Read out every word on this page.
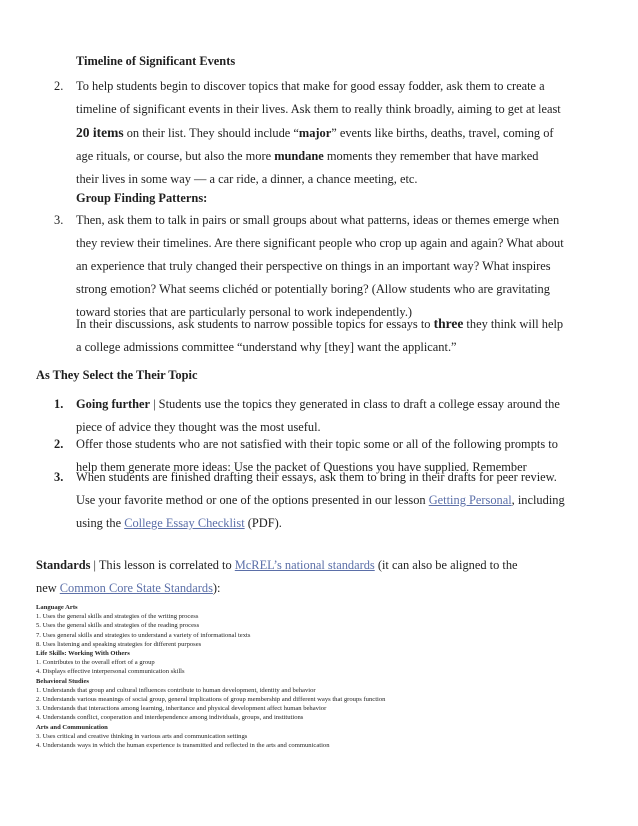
Timeline of Significant Events
2. To help students begin to discover topics that make for good essay fodder, ask them to create a
timeline of significant events in their lives. Ask them to really think broadly, aiming to get at least
20 items on their list. They should include “major” events like births, deaths, travel, coming of
age rituals, or course, but also the more mundane moments they remember that have marked
their lives in some way — a car ride, a dinner, a chance meeting, etc.
Group Finding Patterns:
3. Then, ask them to talk in pairs or small groups about what patterns, ideas or themes emerge when
they review their timelines. Are there significant people who crop up again and again? What about
an experience that truly changed their perspective on things in an important way? What inspires
strong emotion? What seems clichéd or potentially boring? (Allow students who are gravitating
toward stories that are particularly personal to work independently.)
In their discussions, ask students to narrow possible topics for essays to three they think will help
a college admissions committee “understand why [they] want the applicant.”
As They Select the Their Topic
1. Going further | Students use the topics they generated in class to draft a college essay around the
piece of advice they thought was the most useful.
2. Offer those students who are not satisfied with their topic some or all of the following prompts to
help them generate more ideas: Use the packet of Questions you have supplied. Remember
3. When students are finished drafting their essays, ask them to bring in their drafts for peer review.
Use your favorite method or one of the options presented in our lesson Getting Personal, including
using the College Essay Checklist (PDF).
Standards | This lesson is correlated to McREL’s national standards (it can also be aligned to the
new Common Core State Standards):
Language Arts
1. Uses the general skills and strategies of the writing process
5. Uses the general skills and strategies of the reading process
7. Uses general skills and strategies to understand a variety of informational texts
8. Uses listening and speaking strategies for different purposes
Life Skills: Working With Others
1. Contributes to the overall effort of a group
4. Displays effective interpersonal communication skills
Behavioral Studies
1. Understands that group and cultural influences contribute to human development, identity and behavior
2. Understands various meanings of social group, general implications of group membership and different ways that groups function
3. Understands that interactions among learning, inheritance and physical development affect human behavior
4. Understands conflict, cooperation and interdependence among individuals, groups, and institutions
Arts and Communication
3. Uses critical and creative thinking in various arts and communication settings
4. Understands ways in which the human experience is transmitted and reflected in the arts and communication
